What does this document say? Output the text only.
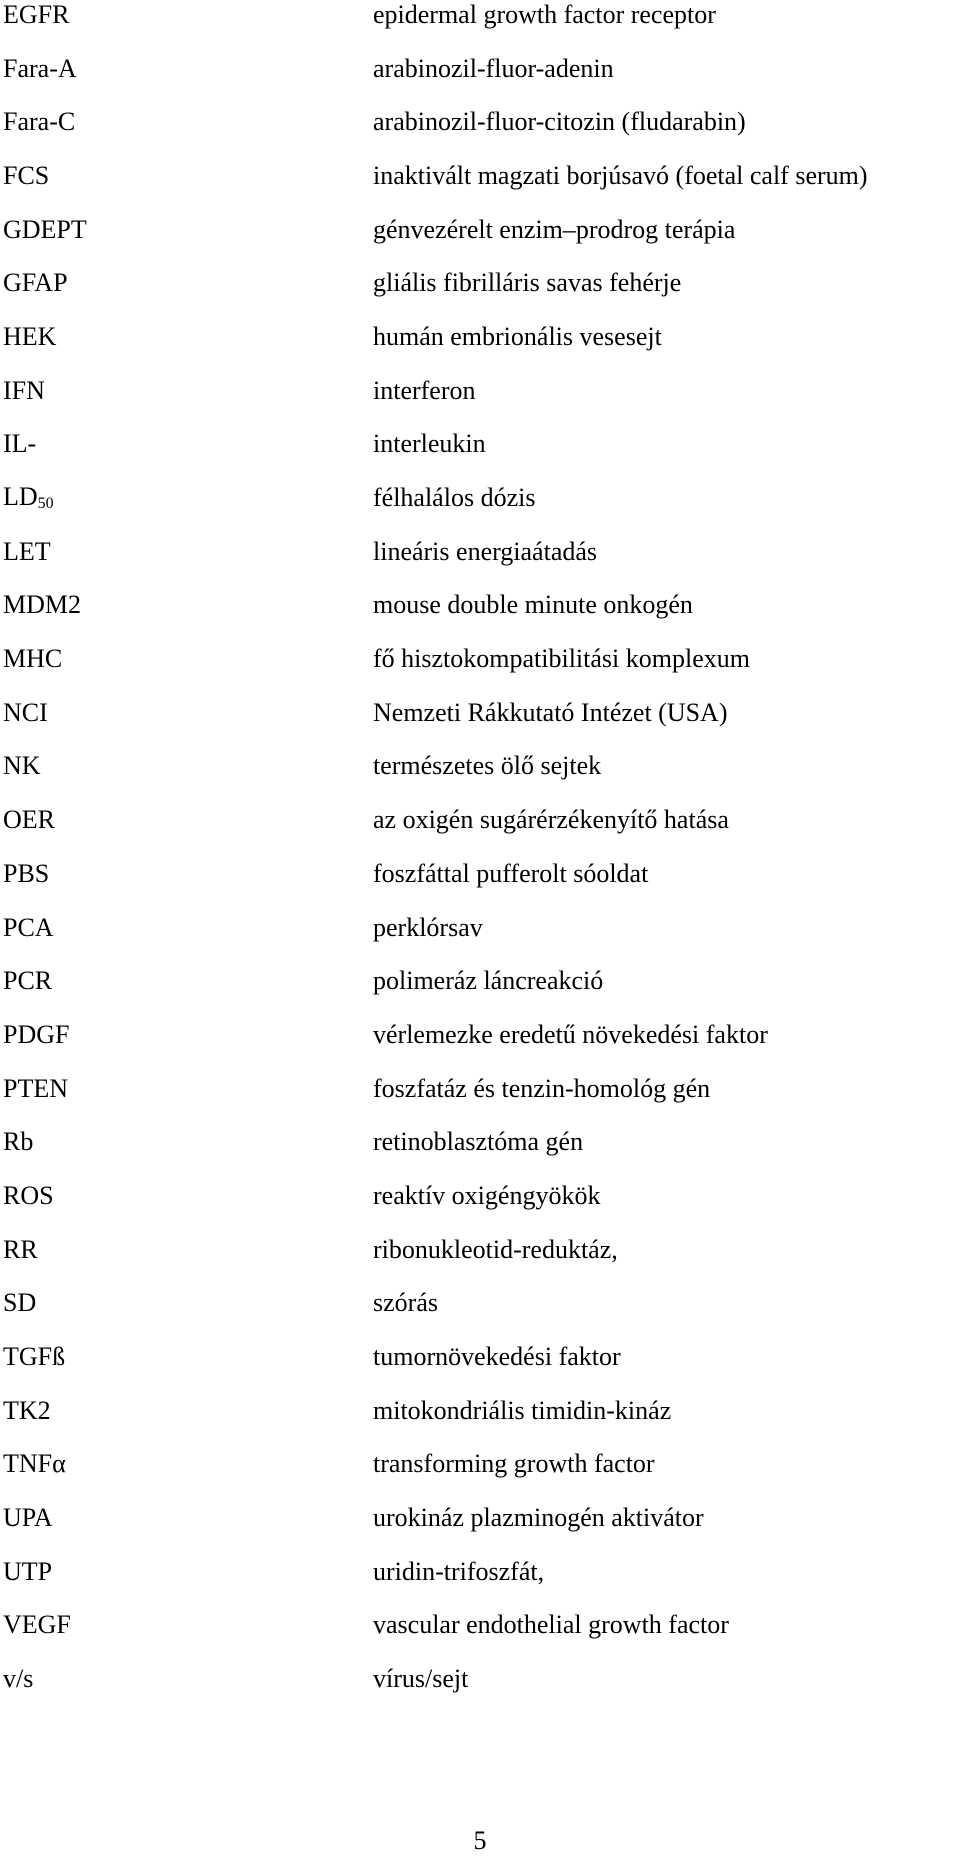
EGFR	epidermal growth factor receptor
Fara-A	arabinozil-fluor-adenin
Fara-C	arabinozil-fluor-citozin (fludarabin)
FCS	inaktivált magzati borjúsavó (foetal calf serum)
GDEPT	génvezérelt enzim–prodrog terápia
GFAP	gliális fibrilláris savas fehérje
HEK	humán embrionális vesesejt
IFN	interferon
IL-	interleukin
LD50	félhalálos dózis
LET	lineáris energiaátadás
MDM2	mouse double minute onkogén
MHC	fő hisztokompatibilitási komplexum
NCI	Nemzeti Rákkutató Intézet (USA)
NK	természetes ölő sejtek
OER	az oxigén sugárérzékenyítő hatása
PBS	foszfáttal pufferolt sóoldat
PCA	perklórsav
PCR	polimeráz láncreakció
PDGF	vérlemezke eredetű növekedési faktor
PTEN	foszfatáz és tenzin-homológ gén
Rb	retinoblasztóma gén
ROS	reaktív oxigéngyökök
RR	ribonukleotid-reduktáz,
SD	szórás
TGFß	tumornövekedési faktor
TK2	mitokondriális timidin-kináz
TNFα	transforming growth factor
UPA	urokináz plazminogén aktivátor
UTP	uridin-trifoszfát,
VEGF	vascular endothelial growth factor
v/s	vírus/sejt
5
